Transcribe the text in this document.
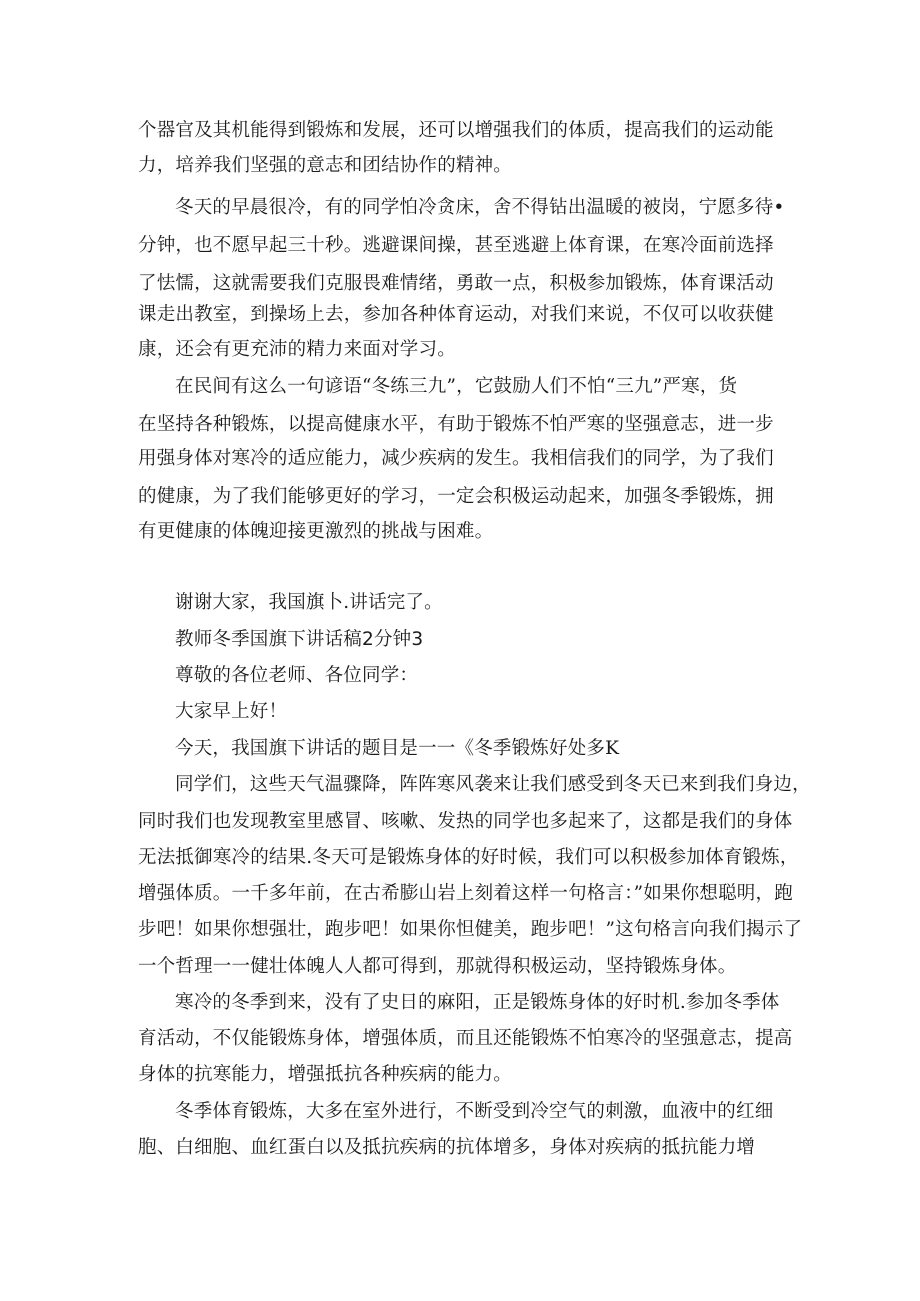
个器官及其机能得到锻炼和发展，还可以增强我们的体质，提高我们的运动能
力，培养我们坚强的意志和团结协作的精神。
冬天的早晨很冷，有的同学怕冷贪床，舍不得钻出温暖的被岗，宁愿多待•
分钟，也不愿早起三十秒。逃避课间操，甚至逃避上体育课，在寒冷面前选择
了怯懦，这就需要我们克服畏难情绪，勇敢一点，积极参加锻炼，体育课活动
课走出教室，到操场上去，参加各种体育运动，对我们来说，不仅可以收获健
康，还会有更充沛的精力来面对学习。
在民间有这么一句谚语“冬练三九”，它鼓励人们不怕“三九”严寒，货
在坚持各种锻炼，以提高健康水平，有助于锻炼不怕严寒的坚强意志，进一步
用强身体对寒冷的适应能力，减少疾病的发生。我相信我们的同学，为了我们
的健康，为了我们能够更好的学习，一定会积极运动起来，加强冬季锻炼，拥
有更健康的体魄迎接更激烈的挑战与困难。
谢谢大家，我国旗卜.讲话完了。
教师冬季国旗下讲话稿2分钟3
尊敬的各位老师、各位同学：
大家早上好！
今天，我国旗下讲话的题目是一一《冬季锻炼好处多K
同学们，这些天气温骤降，阵阵寒风袭来让我们感受到冬天已来到我们身边，
同时我们也发现教室里感冒、咳嗽、发热的同学也多起来了，这都是我们的身体
无法抵御寒冷的结果.冬天可是锻炼身体的好时候，我们可以积极参加体育锻炼，
增强体质。一千多年前，在古希膨山岩上刻着这样一句格言：”如果你想聪明，跑
步吧！如果你想强壮，跑步吧！如果你怛健美，跑步吧！”这句格言向我们揭示了
一个哲理一一健壮体魄人人都可得到，那就得积极运动，坚持锻炼身体。
寒冷的冬季到来，没有了史日的麻阳，正是锻炼身体的好时机.参加冬季体
育活动，不仅能锻炼身体，增强体质，而且还能锻炼不怕寒冷的坚强意志，提高
身体的抗寒能力，增强抵抗各种疾病的能力。
冬季体育锻炼，大多在室外进行，不断受到冷空气的刺激，血液中的红细
胞、白细胞、血红蛋白以及抵抗疾病的抗体增多，身体对疾病的抵抗能力增
